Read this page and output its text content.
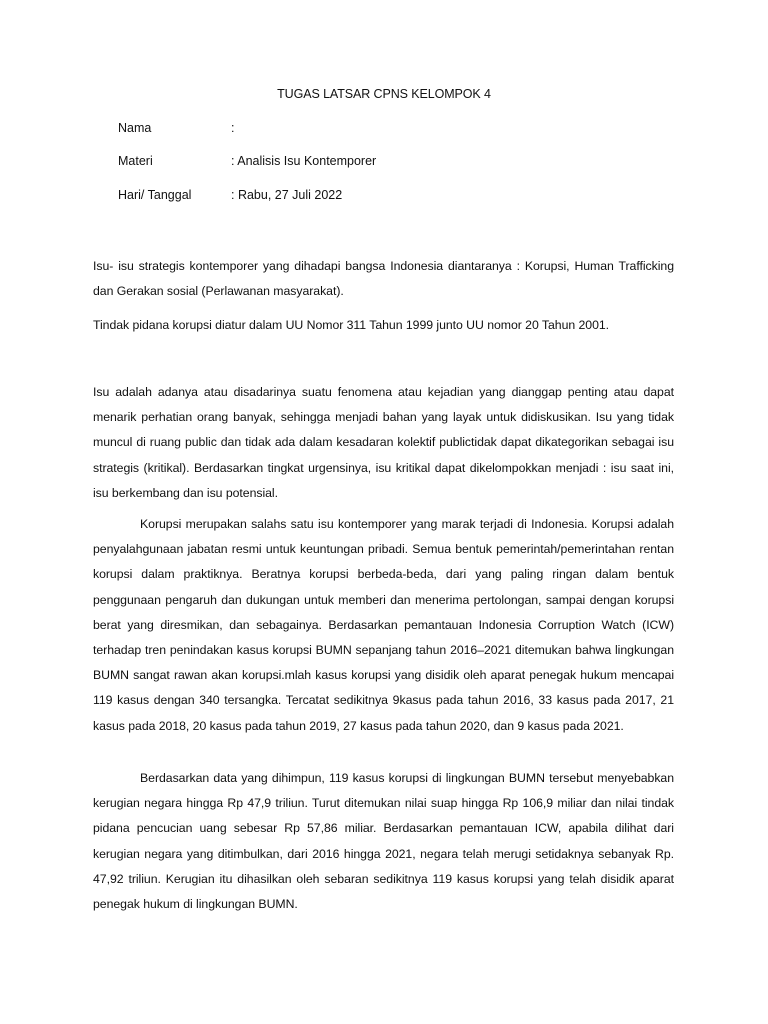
TUGAS LATSAR CPNS KELOMPOK 4
Nama	:
Materi	: Analisis Isu Kontemporer
Hari/ Tanggal	: Rabu, 27 Juli 2022

Isu- isu strategis kontemporer yang dihadapi bangsa Indonesia diantaranya : Korupsi, Human Trafficking dan Gerakan sosial (Perlawanan masyarakat).

Tindak pidana korupsi diatur dalam UU Nomor 311 Tahun 1999 junto UU nomor 20 Tahun 2001.

Isu adalah adanya atau disadarinya suatu fenomena atau kejadian yang dianggap penting atau dapat menarik perhatian orang banyak, sehingga menjadi bahan yang layak untuk didiskusikan. Isu yang tidak muncul di ruang public dan tidak ada dalam kesadaran kolektif publictidak dapat dikategorikan sebagai isu strategis (kritikal). Berdasarkan tingkat urgensinya, isu kritikal dapat dikelompokkan menjadi : isu saat ini, isu berkembang dan isu potensial.

Korupsi merupakan salahs satu isu kontemporer yang marak terjadi di Indonesia. Korupsi adalah penyalahgunaan jabatan resmi untuk keuntungan pribadi. Semua bentuk pemerintah/pemerintahan rentan korupsi dalam praktiknya. Beratnya korupsi berbeda-beda, dari yang paling ringan dalam bentuk penggunaan pengaruh dan dukungan untuk memberi dan menerima pertolongan, sampai dengan korupsi berat yang diresmikan, dan sebagainya. Berdasarkan pemantauan Indonesia Corruption Watch (ICW) terhadap tren penindakan kasus korupsi BUMN sepanjang tahun 2016–2021 ditemukan bahwa lingkungan BUMN sangat rawan akan korupsi.mlah kasus korupsi yang disidik oleh aparat penegak hukum mencapai 119 kasus dengan 340 tersangka. Tercatat sedikitnya 9kasus pada tahun 2016, 33 kasus pada 2017, 21 kasus pada 2018, 20 kasus pada tahun 2019, 27 kasus pada tahun 2020, dan 9 kasus pada 2021.

Berdasarkan data yang dihimpun, 119 kasus korupsi di lingkungan BUMN tersebut menyebabkan kerugian negara hingga Rp 47,9 triliun. Turut ditemukan nilai suap hingga Rp 106,9 miliar dan nilai tindak pidana pencucian uang sebesar Rp 57,86 miliar. Berdasarkan pemantauan ICW, apabila dilihat dari kerugian negara yang ditimbulkan, dari 2016 hingga 2021, negara telah merugi setidaknya sebanyak Rp. 47,92 triliun. Kerugian itu dihasilkan oleh sebaran sedikitnya 119 kasus korupsi yang telah disidik aparat penegak hukum di lingkungan BUMN.
